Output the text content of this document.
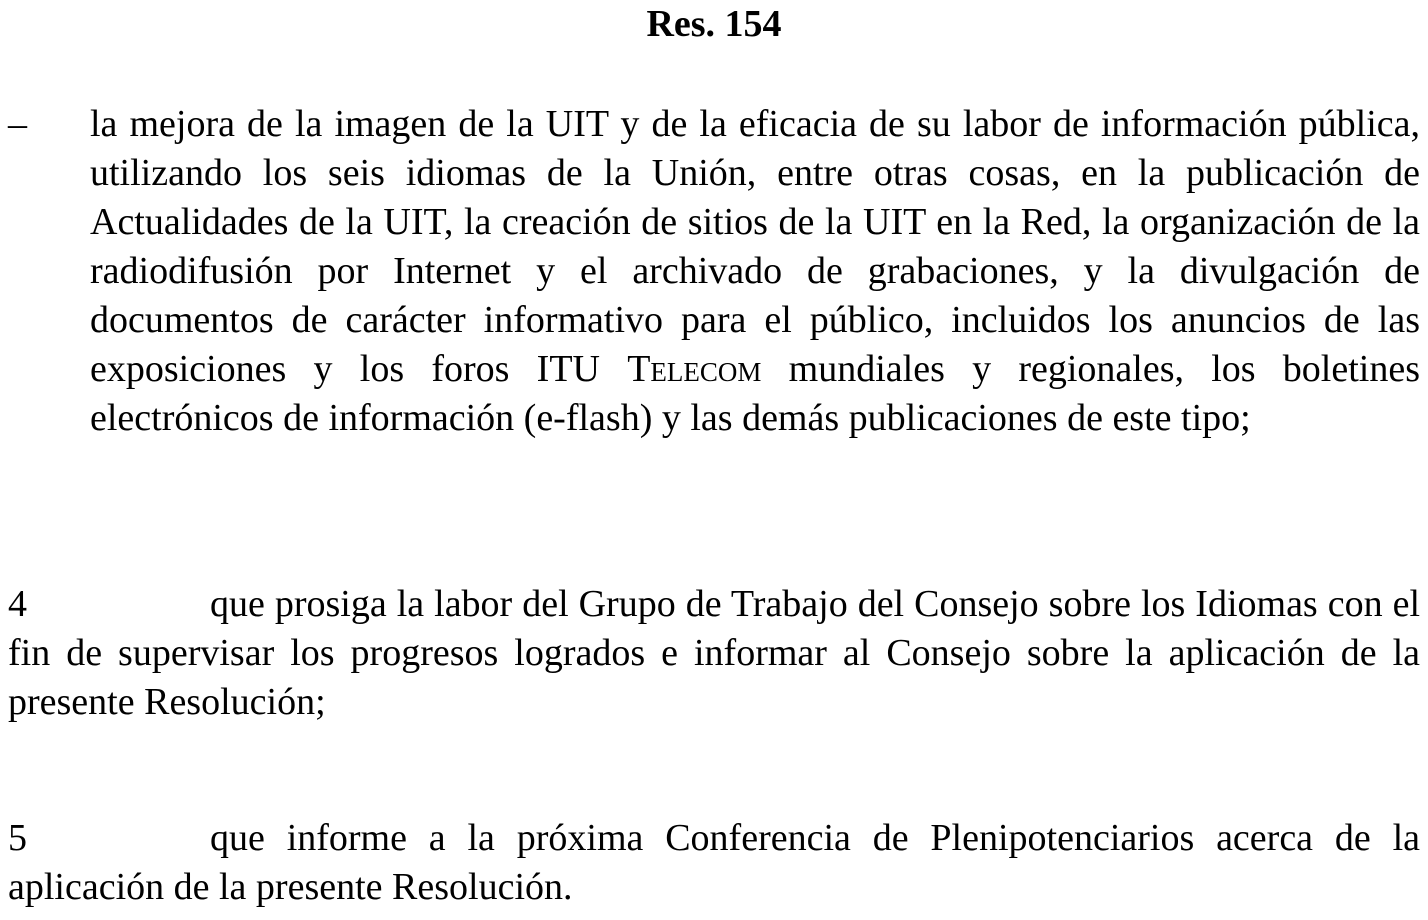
Res. 154
– la mejora de la imagen de la UIT y de la eficacia de su labor de información pública, utilizando los seis idiomas de la Unión, entre otras cosas, en la publicación de Actualidades de la UIT, la creación de sitios de la UIT en la Red, la organización de la radiodifusión por Internet y el archivado de grabaciones, y la divulgación de documentos de carácter informativo para el público, incluidos los anuncios de las exposiciones y los foros ITU Telecom mundiales y regionales, los boletines electrónicos de información (e-flash) y las demás publicaciones de este tipo;
4	que prosiga la labor del Grupo de Trabajo del Consejo sobre los Idiomas con el fin de supervisar los progresos logrados e informar al Consejo sobre la aplicación de la presente Resolución;
5	que informe a la próxima Conferencia de Plenipotenciarios acerca de la aplicación de la presente Resolución.
